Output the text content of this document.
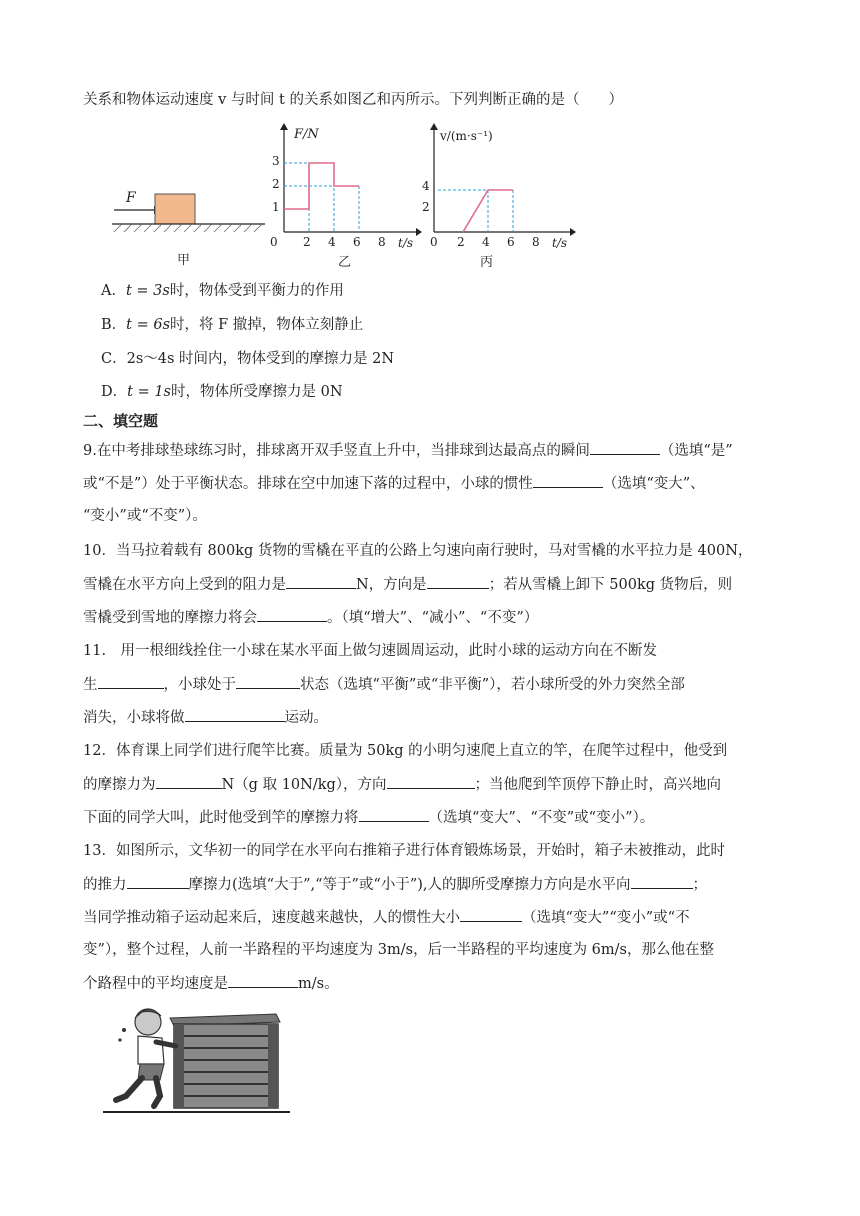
关系和物体运动速度 v 与时间 t 的关系如图乙和丙所示。下列判断正确的是（　　）
F
甲
F/N
t/s
0 2 4 6 8
1
2
3
乙
v/(m·s⁻¹)
t/s
0 2 4 6 8
2
4
丙
A．t = 3s时，物体受到平衡力的作用
B．t = 6s时，将 F 撤掉，物体立刻静止
C．2s～4s 时间内，物体受到的摩擦力是 2N
D．t = 1s时，物体所受摩擦力是 0N
二、填空题
9.在中考排球垫球练习时，排球离开双手竖直上升中，当排球到达最高点的瞬间	（选填“是”
或“不是”）处于平衡状态。排球在空中加速下落的过程中，小球的惯性	（选填“变大”、
“变小”或“不变”）。
10．当马拉着载有 800kg 货物的雪橇在平直的公路上匀速向南行驶时，马对雪橇的水平拉力是 400N，
雪橇在水平方向上受到的阻力是	N，方向是	；若从雪橇上卸下 500kg 货物后，则
雪橇受到雪地的摩擦力将会	。（填“增大”、“减小”、“不变”）
11.　用一根细线拴住一小球在某水平面上做匀速圆周运动，此时小球的运动方向在不断发
生	，小球处于	状态（选填“平衡”或“非平衡”），若小球所受的外力突然全部
消失，小球将做	运动。
12．体育课上同学们进行爬竿比赛。质量为 50kg 的小明匀速爬上直立的竿，在爬竿过程中，他受到
的摩擦力为	N（g 取 10N/kg），方向	；当他爬到竿顶停下静止时，高兴地向
下面的同学大叫，此时他受到竿的摩擦力将	（选填“变大”、“不变”或“变小”）。
13．如图所示，文华初一的同学在水平向右推箱子进行体育锻炼场景，开始时，箱子未被推动，此时
的推力	摩擦力(选填“大于”,“等于”或“小于”),人的脚所受摩擦力方向是水平向	；
当同学推动箱子运动起来后，速度越来越快，人的惯性大小	（选填“变大”“变小”或“不
变”），整个过程，人前一半路程的平均速度为 3m/s，后一半路程的平均速度为 6m/s，那么他在整
个路程中的平均速度是	m/s。
